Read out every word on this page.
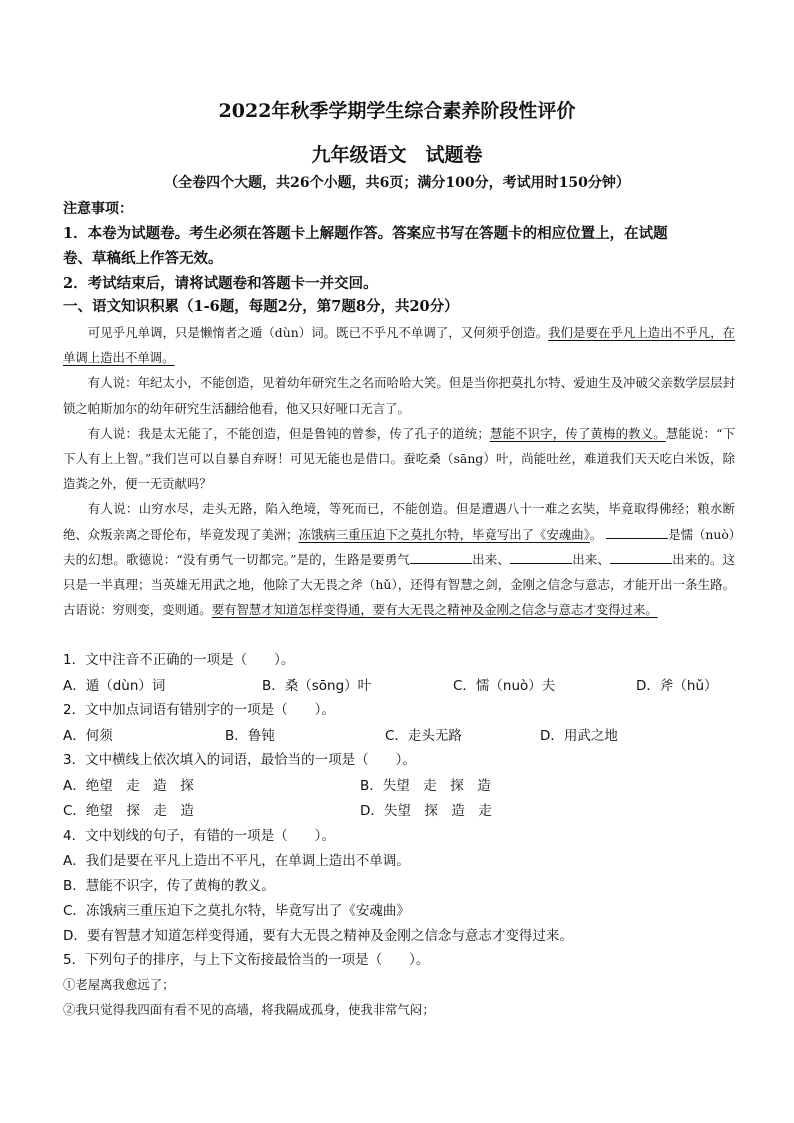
2022年秋季学期学生综合素养阶段性评价
九年级语文　试题卷
（全卷四个大题，共26个小题，共6页；满分100分，考试用时150分钟）
注意事项：
1．本卷为试题卷。考生必须在答题卡上解题作答。答案应书写在答题卡的相应位置上，在试题
卷、草稿纸上作答无效。
2．考试结束后，请将试题卷和答题卡一并交回。
一、语文知识积累（1-6题，每题2分，第7题8分，共20分）

可见乎凡单调，只是懒惰者之遁（dùn）词。既已不乎凡不单调了，又何须乎创造。我们是要在乎凡上造出不乎凡，在单调上造出不单调。

有人说：年纪太小，不能创造，见着幼年研究生之名而哈哈大笑。但是当你把莫扎尔特、爱迪生及冲破父亲数学层层封锁之帕斯加尔的幼年研究生活翻给他看，他又只好哑口无言了。

有人说：我是太无能了，不能创造，但是鲁钝的曾参，传了孔子的道统；慧能不识字，传了黄梅的教义。慧能说：“下下人有上上智。”我们岂可以自暴自弃呀！可见无能也是借口。蚕吃桑（sāng）叶，尚能吐丝，难道我们天天吃白米饭，除造粪之外，便一无贡献吗？

有人说：山穷水尽，走头无路，陷入绝境，等死而已，不能创造。但是遭遇八十一难之玄奘，毕竟取得佛经；粮水断绝、众叛亲离之哥伦布，毕竟发现了美洲；冻饿病三重压迫下之莫扎尔特，毕竟写出了《安魂曲》。	是懦（nuò）夫的幻想。歌德说：“没有勇气一切都完。”是的，生路是要勇气	出来、	出来、	出来的。这只是一半真理；当英雄无用武之地，他除了大无畏之斧（hǔ），还得有智慧之剑，金刚之信念与意志，才能开出一条生路。古语说：穷则变，变则通。要有智慧才知道怎样变得通，要有大无畏之精神及金刚之信念与意志才变得过来。

1．文中注音不正确的一项是（　　）。
A．遁（dùn）词	B．桑（sōng）叶	C．懦（nuò）夫	D．斧（hǔ）
2．文中加点词语有错别字的一项是（　　）。
A．何须	B．鲁钝	C．走头无路	D．用武之地
3．文中横线上依次填入的词语，最恰当的一项是（　　）。
A．绝望　走　造　探	B．失望　走　探　造
C．绝望　探　走　造	D．失望　探　造　走
4．文中划线的句子，有错的一项是（　　）。
A．我们是要在平凡上造出不平凡，在单调上造出不单调。
B．慧能不识字，传了黄梅的教义。
C．冻饿病三重压迫下之莫扎尔特，毕竟写出了《安魂曲》
D．要有智慧才知道怎样变得通，要有大无畏之精神及金刚之信念与意志才变得过来。
5．下列句子的排序，与上下文衔接最恰当的一项是（　　）。
①老屋离我愈远了；
②我只觉得我四面有看不见的高墙，将我隔成孤身，使我非常气闷；
